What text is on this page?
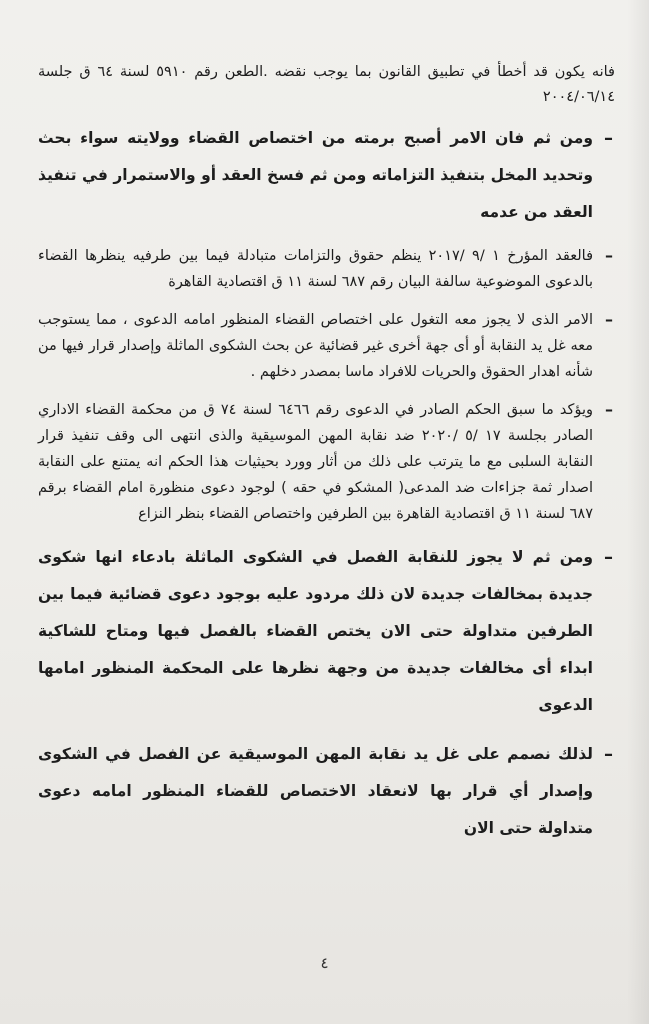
فانه يكون قد أخطأ في تطبيق القانون بما يوجب نقضه .الطعن رقم ٥٩١٠ لسنة ٦٤ ق جلسة ٢٠٠٤/٠٦/١٤

–
ومن ثم فان الامر أصبح برمته من اختصاص القضاء وولايته سواء بحث وتحديد المخل بتنفيذ التزاماته ومن ثم فسخ العقد أو والاستمرار في تنفيذ العقد من عدمه
–
فالعقد المؤرخ ١ /٩ /٢٠١٧ ينظم حقوق والتزامات متبادلة فيما بين طرفيه ينظرها القضاء بالدعوى الموضوعية سالفة البيان رقم ٦٨٧ لسنة ١١ ق اقتصادية القاهرة
–
الامر الذى لا يجوز معه التغول على اختصاص القضاء المنظور امامه الدعوى ، مما يستوجب معه غل يد النقابة أو أى جهة أخرى غير قضائية عن بحث الشكوى الماثلة وإصدار قرار فيها من شأنه اهدار الحقوق والحريات للافراد ماسا بمصدر دخلهم .
–
ويؤكد ما سبق الحكم الصادر في الدعوى رقم ٦٤٦٦ لسنة ٧٤ ق من محكمة القضاء الاداري الصادر بجلسة ١٧ /٥ /٢٠٢٠ ضد نقابة المهن الموسيقية والذى انتهى الى وقف تنفيذ قرار النقابة السلبى مع ما يترتب على ذلك من أثار وورد بحيثيات هذا الحكم انه يمتنع على النقابة اصدار ثمة جزاءات ضد المدعى( المشكو في حقه ) لوجود دعوى منظورة امام القضاء برقم ٦٨٧ لسنة ١١ ق اقتصادية القاهرة بين الطرفين واختصاص القضاء بنظر النزاع
–
ومن ثم لا يجوز للنقابة الفصل في الشكوى الماثلة بادعاء انها شكوى جديدة بمخالفات جديدة لان ذلك مردود عليه بوجود دعوى قضائية فيما بين الطرفين متداولة حتى الان يختص القضاء بالفصل فيها ومتاح للشاكية ابداء أى مخالفات جديدة من وجهة نظرها على المحكمة المنظور امامها الدعوى
–
لذلك نصمم على غل يد نقابة المهن الموسيقية عن الفصل في الشكوى وإصدار أي قرار بها لانعقاد الاختصاص للقضاء المنظور امامه دعوى متداولة حتى الان
٤
